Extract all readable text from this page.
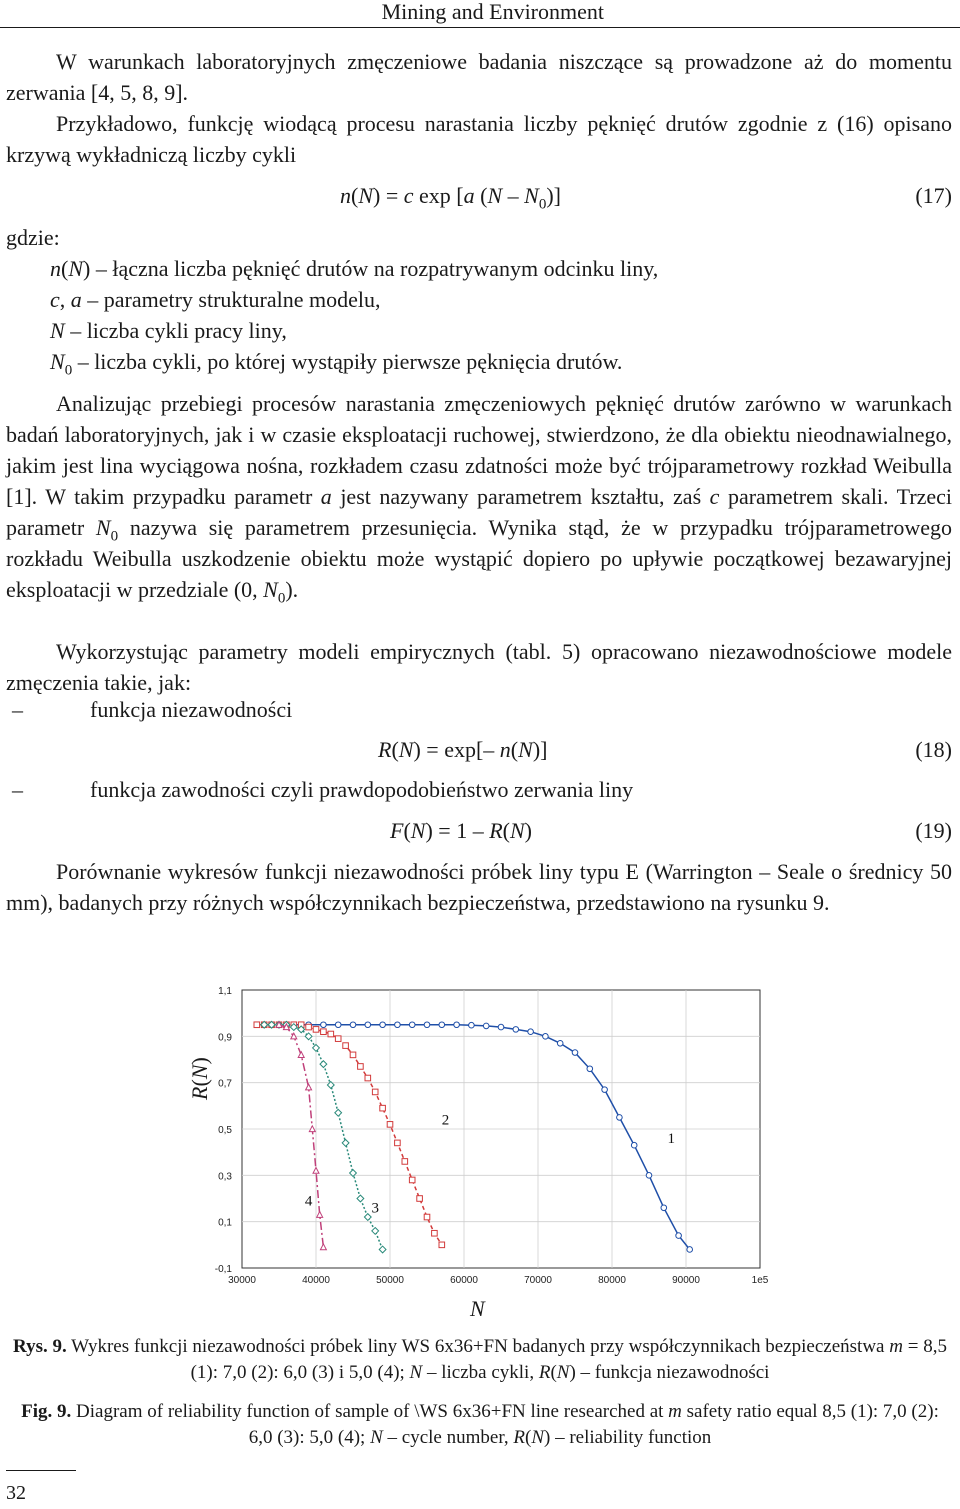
Mining and Environment
W warunkach laboratoryjnych zmęczeniowe badania niszczące są prowadzone aż do momentu zerwania [4, 5, 8, 9].
Przykładowo, funkcję wiodącą procesu narastania liczby pęknięć drutów zgodnie z (16) opisano krzywą wykładniczą liczby cykli
n(N) = c exp [a $(N - N_0)$]	(17)
gdzie:
n(N) – łączna liczba pęknięć drutów na rozpatrywanym odcinku liny,
c, a – parametry strukturalne modelu,
N – liczba cykli pracy liny,
$N_0$ – liczba cykli, po której wystąpiły pierwsze pęknięcia drutów.
Analizując przebiegi procesów narastania zmęczeniowych pęknięć drutów zarówno w warunkach badań laboratoryjnych, jak i w czasie eksploatacji ruchowej, stwierdzono, że dla obiektu nieodnawialnego, jakim jest lina wyciągowa nośna, rozkładem czasu zdatności może być trójparametrowy rozkład Weibulla [1]. W takim przypadku parametr a jest nazywany parametrem kształtu, zaś c parametrem skali. Trzeci parametr $N_0$ nazywa się parametrem przesunięcia. Wynika stąd, że w przypadku trójparametrowego rozkładu Weibulla uszkodzenie obiektu może wystąpić dopiero po upływie początkowej bezawaryjnej eksploatacji w przedziale (0, $N_0$).
Wykorzystując parametry modeli empirycznych (tabl. 5) opracowano niezawodnościowe modele zmęczenia takie, jak:
–	funkcja niezawodności
R(N) = exp[– n(N)]	(18)
–	funkcja zawodności czyli prawdopodobieństwo zerwania liny
F(N) = 1 – R(N)	(19)
Porównanie wykresów funkcji niezawodności próbek liny typu E (Warrington – Seale o średnicy 50 mm), badanych przy różnych współczynnikach bezpieczeństwa, przedstawiono na rysunku 9.
30000	40000	50000	60000	70000	80000	90000	1e5
1,1
0,9
0,7
0,5
0,3
0,1
-0,1
1
2
3
4
R(N)
N
Rys. 9. Wykres funkcji niezawodności próbek liny WS 6x36+FN badanych przy współczynnikach bezpieczeństwa m = 8,5 (1): 7,0 (2): 6,0 (3) i 5,0 (4); N – liczba cykli, R(N) – funkcja niezawodności
Fig. 9. Diagram of reliability function of sample of \WS 6x36+FN line researched at m safety ratio equal 8,5 (1): 7,0 (2): 6,0 (3): 5,0 (4); N – cycle number, R(N) – reliability function
32
